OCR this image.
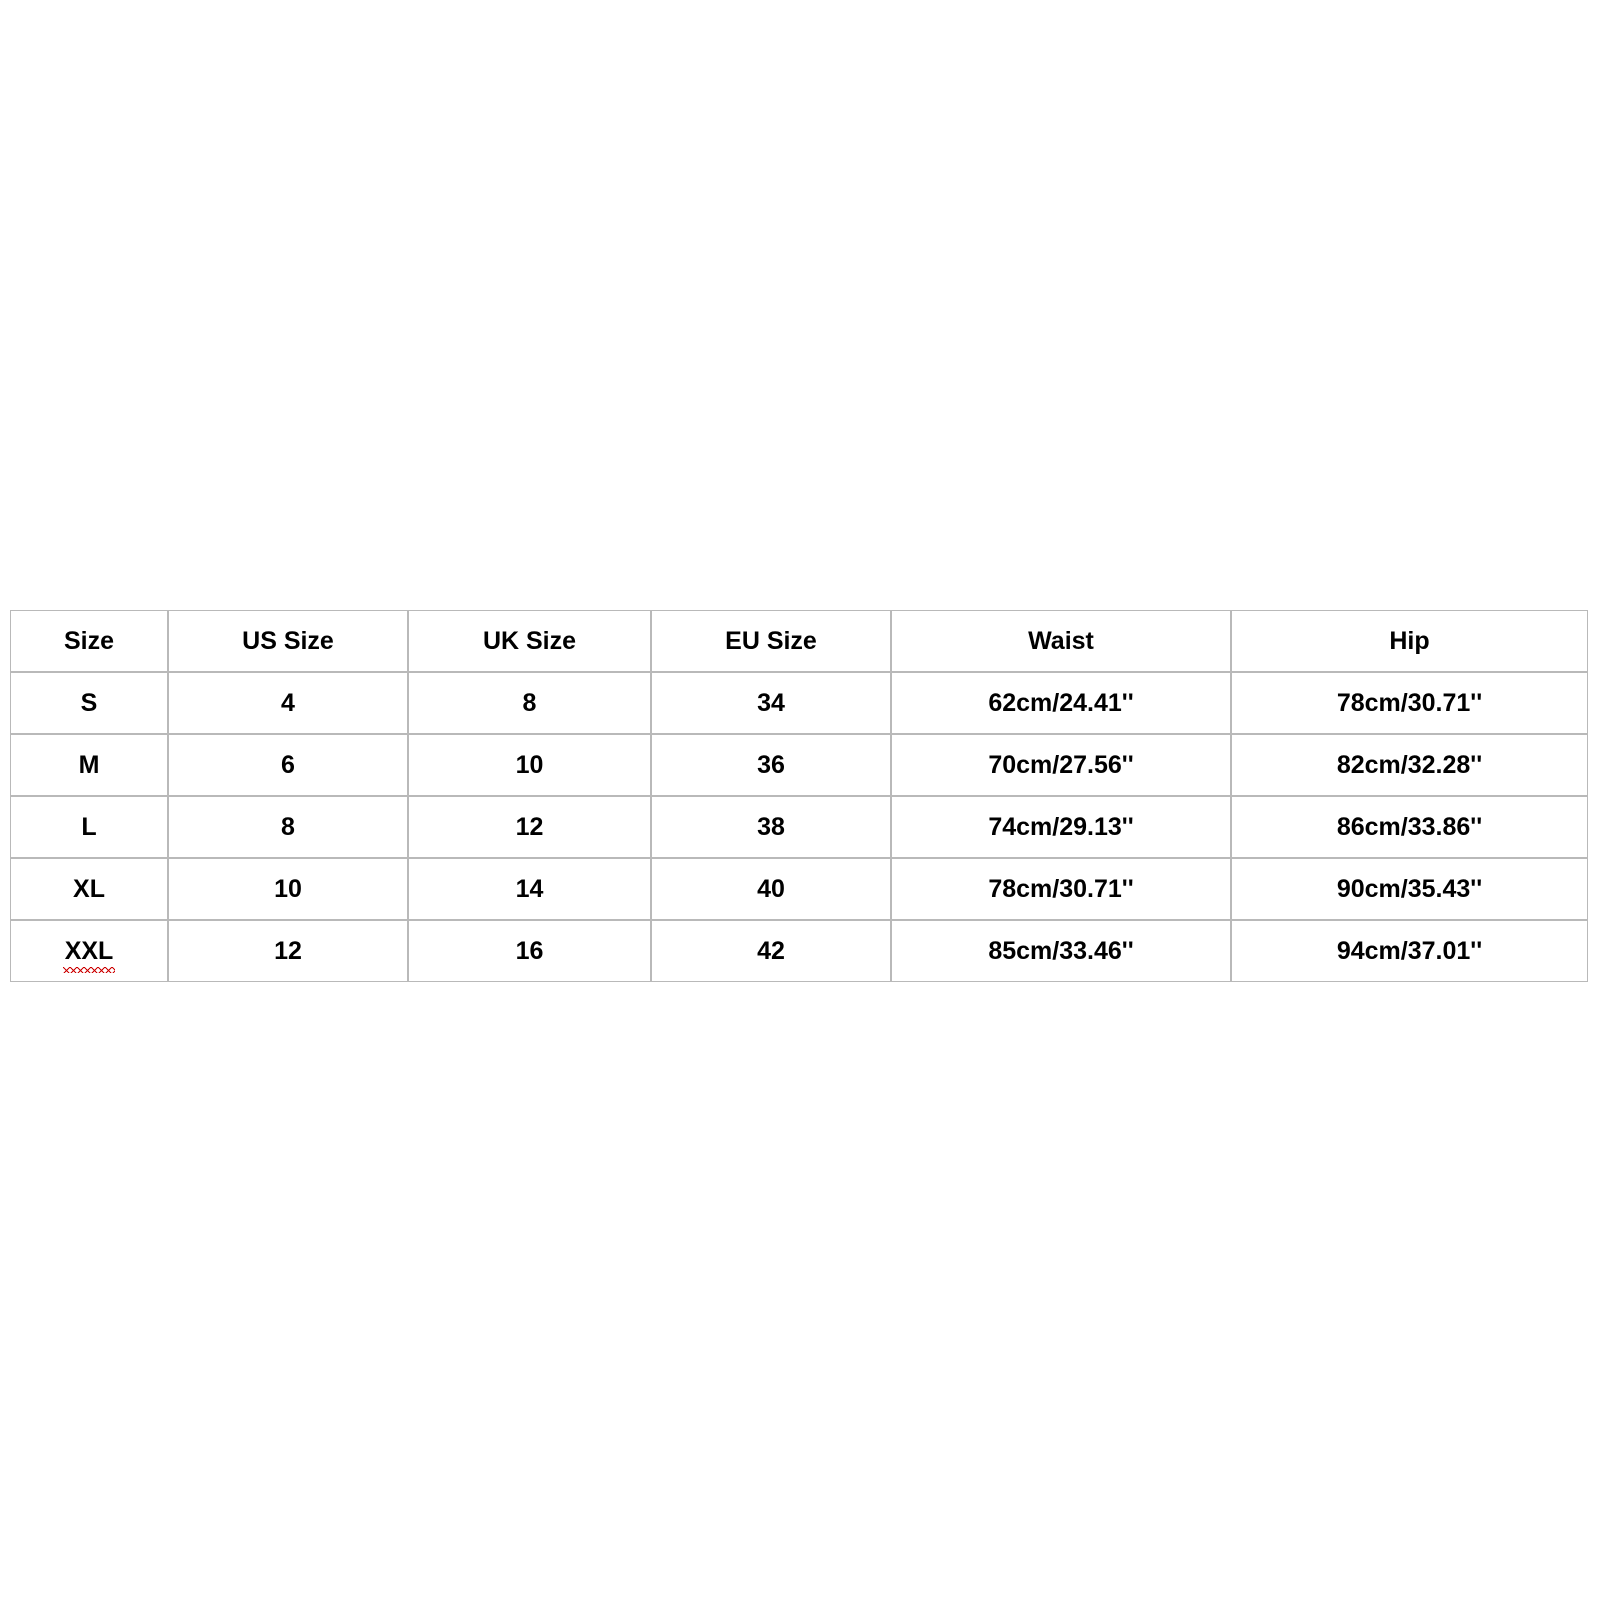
Size	US Size	UK Size	EU Size	Waist	Hip
S	4	8	34	62cm/24.41''	78cm/30.71''
M	6	10	36	70cm/27.56''	82cm/32.28''
L	8	12	38	74cm/29.13''	86cm/33.86''
XL	10	14	40	78cm/30.71''	90cm/35.43''
XXL	12	16	42	85cm/33.46''	94cm/37.01''
